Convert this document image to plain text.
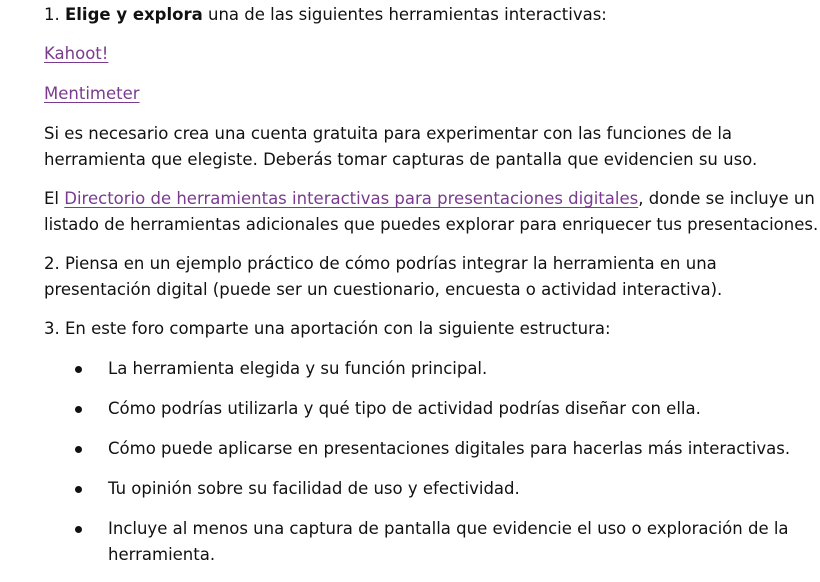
1. Elige y explora una de las siguientes herramientas interactivas:

Kahoot!

Mentimeter

Si es necesario crea una cuenta gratuita para experimentar con las funciones de la herramienta que elegiste. Deberás tomar capturas de pantalla que evidencien su uso.

El Directorio de herramientas interactivas para presentaciones digitales, donde se incluye un listado de herramientas adicionales que puedes explorar para enriquecer tus presentaciones.

2. Piensa en un ejemplo práctico de cómo podrías integrar la herramienta en una presentación digital (puede ser un cuestionario, encuesta o actividad interactiva).

3. En este foro comparte una aportación con la siguiente estructura:

La herramienta elegida y su función principal.
Cómo podrías utilizarla y qué tipo de actividad podrías diseñar con ella.
Cómo puede aplicarse en presentaciones digitales para hacerlas más interactivas.
Tu opinión sobre su facilidad de uso y efectividad.
Incluye al menos una captura de pantalla que evidencie el uso o exploración de la herramienta.
